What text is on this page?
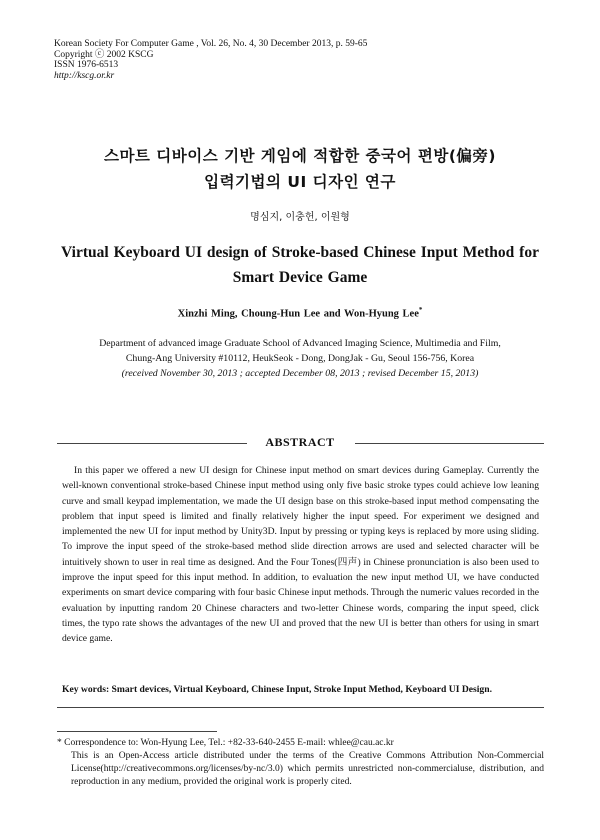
Korean Society For Computer Game , Vol. 26, No. 4, 30 December 2013, p. 59-65
Copyright ⓒ 2002 KSCG
ISSN 1976-6513
http://kscg.or.kr
스마트 디바이스 기반 게임에 적합한 중국어 편방(偏旁)
입력기법의 UI 디자인 연구
명심지, 이충헌, 이원형
Virtual Keyboard UI design of Stroke-based Chinese Input Method for
Smart Device Game
Xinzhi Ming, Choung-Hun Lee and Won-Hyung Lee*
Department of advanced image Graduate School of Advanced Imaging Science, Multimedia and Film,
Chung-Ang University #10112, HeukSeok - Dong, DongJak - Gu, Seoul 156-756, Korea
(received November 30, 2013 ; accepted December 08, 2013 ; revised December 15, 2013)
ABSTRACT

In this paper we offered a new UI design for Chinese input method on smart devices during Gameplay. Currently the well-known conventional stroke-based Chinese input method using only five basic stroke types could achieve low leaning curve and small keypad implementation, we made the UI design base on this stroke-based input method compensating the problem that input speed is limited and finally relatively higher the input speed. For experiment we designed and implemented the new UI for input method by Unity3D. Input by pressing or typing keys is replaced by more using sliding. To improve the input speed of the stroke-based method slide direction arrows are used and selected character will be intuitively shown to user in real time as designed. And the Four Tones(四声) in Chinese pronunciation is also been used to improve the input speed for this input method. In addition, to evaluation the new input method UI, we have conducted experiments on smart device comparing with four basic Chinese input methods. Through the numeric values recorded in the evaluation by inputting random 20 Chinese characters and two-letter Chinese words, comparing the input speed, click times, the typo rate shows the advantages of the new UI and proved that the new UI is better than others for using in smart device game.

Key words: Smart devices, Virtual Keyboard, Chinese Input, Stroke Input Method, Keyboard UI Design.
* Correspondence to: Won-Hyung Lee, Tel.: +82-33-640-2455 E-mail: whlee@cau.ac.kr
This is an Open-Access article distributed under the terms of the Creative Commons Attribution Non-Commercial License(http://creativecommons.org/licenses/by-nc/3.0) which permits unrestricted non-commercialuse, distribution, and reproduction in any medium, provided the original work is properly cited.
